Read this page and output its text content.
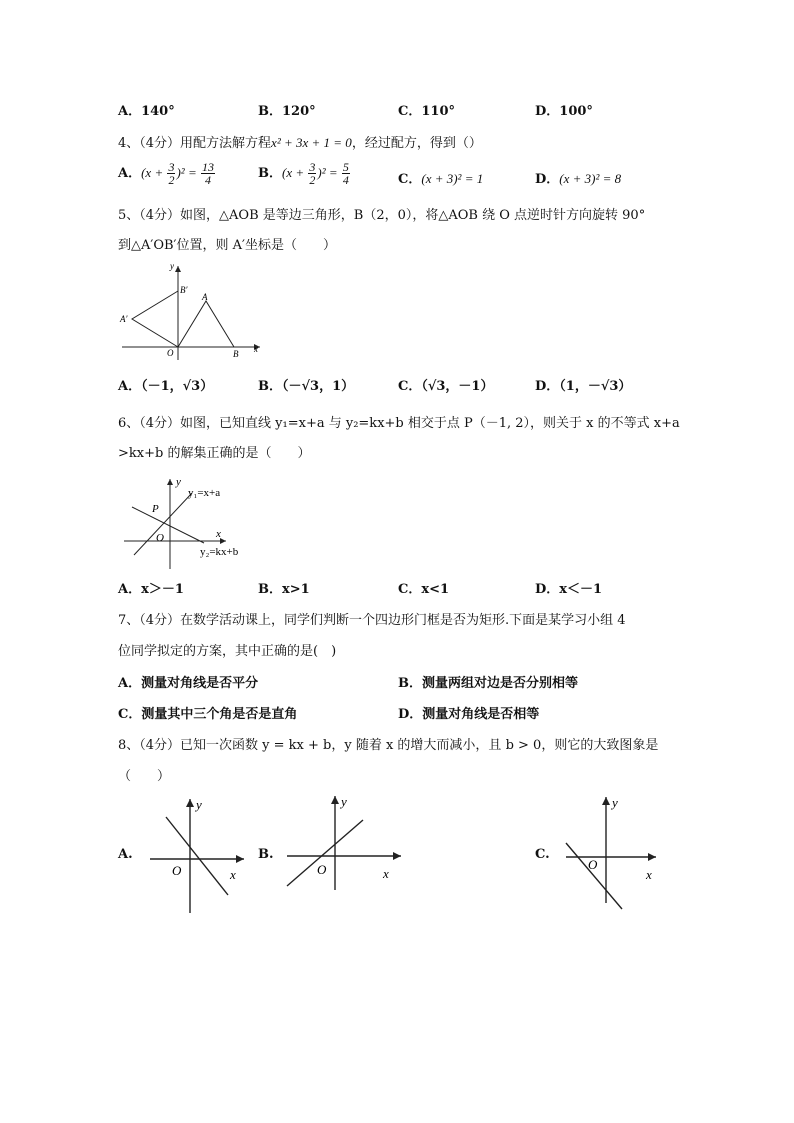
A．140°	B．120°	C．110°	D．100°
4、（4分）用配方法解方程x² + 3x + 1 = 0，经过配方，得到（）
A．$(x + \frac{3}{2} )^2 = \frac{13}{4}$	B．$(x + \frac{3}{2} )^2 = \frac{5}{4}$	C．(x + 3)² = 1	D．(x + 3)² = 8
5、（4分）如图，△AOB 是等边三角形，B（2，0），将△AOB 绕 O 点逆时针方向旋转 90°
到△A′OB′位置，则 A′坐标是（　　）
y
x
O
A
B
A′
B′
A．（－1，√3）	B．（－√3，1）	C．（√3，－1）	D．（1，－√3）
6、（4分）如图，已知直线 y₁=x+a 与 y₂=kx+b 相交于点 P（－1, 2），则关于 x 的不等式 x+a
>kx+b 的解集正确的是（　　）
y
x
O
P
y₁=x+a
y₂=kx+b
A．x＞－1	B．x>1	C．x<1	D．x＜－1
7、（4分）在数学活动课上，同学们判断一个四边形门框是否为矩形.下面是某学习小组 4
位同学拟定的方案，其中正确的是(　)
A．测量对角线是否平分	B．测量两组对边是否分别相等
C．测量其中三个角是否是直角	D．测量对角线是否相等
8、（4分）已知一次函数 y = kx + b，y 随着 x 的增大而减小，且 b > 0，则它的大致图象是
（　　）
A.
y
x
O
B.
y
x
O
C.
y
x
O
